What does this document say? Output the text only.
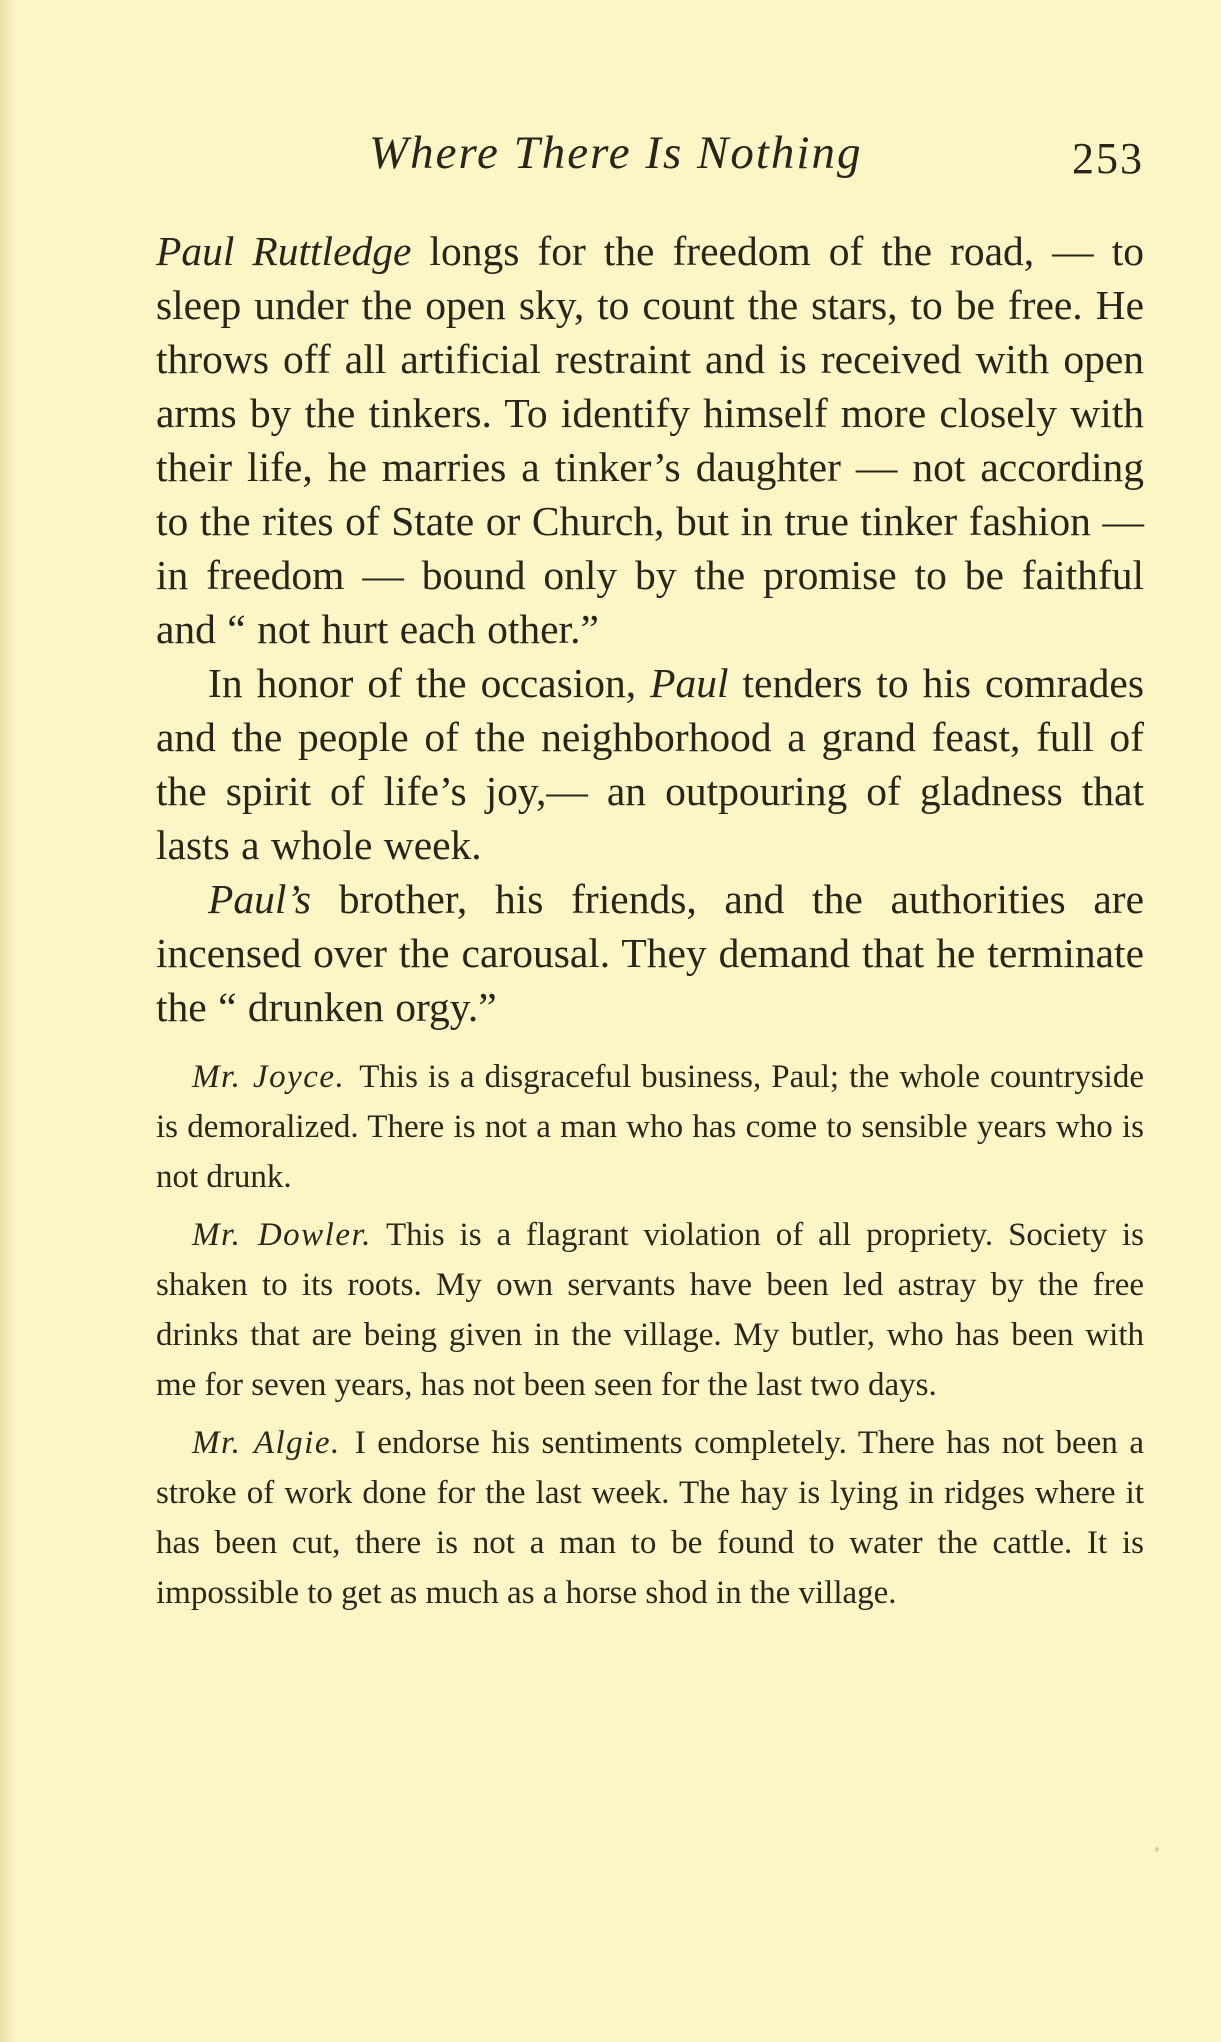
Where There Is Nothing	253

Paul Ruttledge longs for the freedom of the road, — to sleep under the open sky, to count the stars, to be free. He throws off all artificial restraint and is received with open arms by the tinkers. To identify himself more closely with their life, he marries a tinker’s daughter — not according to the rites of State or Church, but in true tinker fashion — in freedom — bound only by the promise to be faithful and “ not hurt each other.”

In honor of the occasion, Paul tenders to his comrades and the people of the neighborhood a grand feast, full of the spirit of life’s joy,— an outpouring of gladness that lasts a whole week.

Paul’s brother, his friends, and the authorities are incensed over the carousal. They demand that he terminate the “ drunken orgy.”

Mr. Joyce. This is a disgraceful business, Paul; the whole countryside is demoralized. There is not a man who has come to sensible years who is not drunk.

Mr. Dowler. This is a flagrant violation of all propriety. Society is shaken to its roots. My own servants have been led astray by the free drinks that are being given in the village. My butler, who has been with me for seven years, has not been seen for the last two days.

Mr. Algie. I endorse his sentiments completely. There has not been a stroke of work done for the last week. The hay is lying in ridges where it has been cut, there is not a man to be found to water the cattle. It is impossible to get as much as a horse shod in the village.
